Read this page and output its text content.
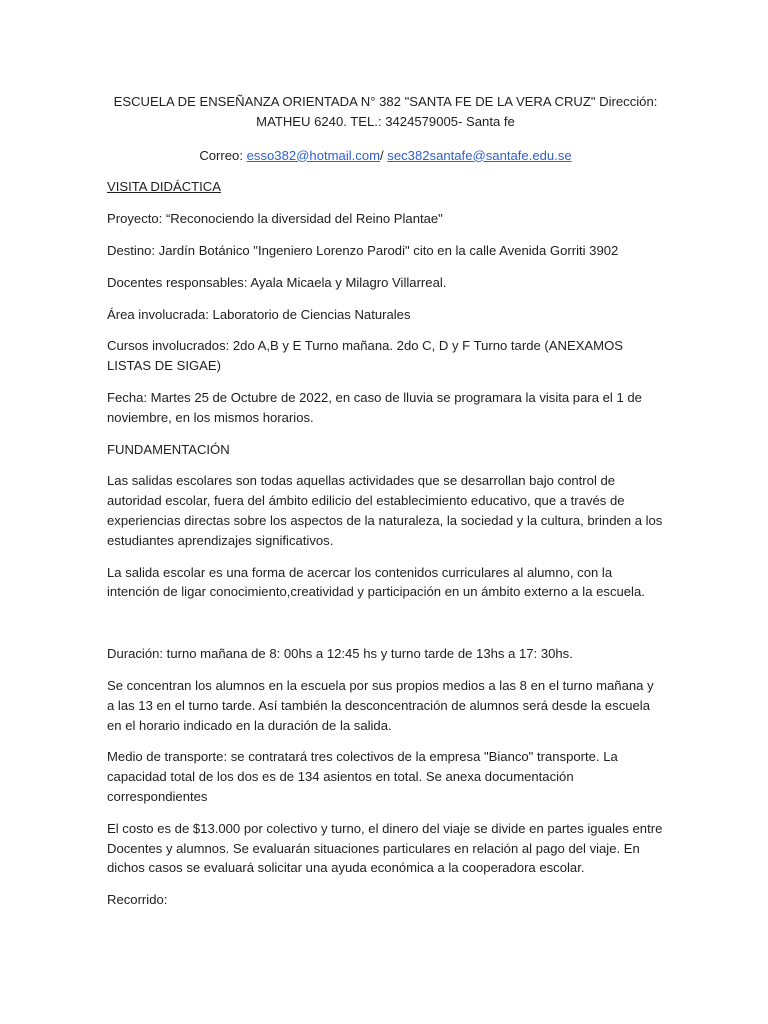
ESCUELA DE ENSEÑANZA ORIENTADA N° 382 "SANTA FE DE LA VERA CRUZ" Dirección: MATHEU 6240. TEL.: 3424579005- Santa fe

Correo: esso382@hotmail.com/ sec382santafe@santafe.edu.se

VISITA DIDÁCTICA

Proyecto: “Reconociendo la diversidad del Reino Plantae"

Destino: Jardín Botánico "Ingeniero Lorenzo Parodi" cito en la calle Avenida Gorriti 3902

Docentes responsables: Ayala Micaela y Milagro Villarreal.

Área involucrada: Laboratorio de Ciencias Naturales

Cursos involucrados: 2do A,B y E Turno mañana. 2do C, D y F Turno tarde (ANEXAMOS LISTAS DE SIGAE)

Fecha: Martes 25 de Octubre de 2022, en caso de lluvia se programara la visita para el 1 de noviembre, en los mismos horarios.

FUNDAMENTACIÓN

Las salidas escolares son todas aquellas actividades que se desarrollan bajo control de autoridad escolar, fuera del ámbito edilicio del establecimiento educativo, que a través de experiencias directas sobre los aspectos de la naturaleza, la sociedad y la cultura, brinden a los estudiantes aprendizajes significativos.

La salida escolar es una forma de acercar los contenidos curriculares al alumno, con la intención de ligar conocimiento,creatividad y participación en un ámbito externo a la escuela.

Duración: turno mañana de 8: 00hs a 12:45 hs y turno tarde de 13hs a 17: 30hs.

Se concentran los alumnos en la escuela por sus propios medios a las 8 en el turno mañana y a las 13 en el turno tarde. Así también la desconcentración de alumnos será desde la escuela en el horario indicado en la duración de la salida.

Medio de transporte: se contratará tres colectivos de la empresa "Bianco" transporte. La capacidad total de los dos es de 134 asientos en total. Se anexa documentación correspondientes

El costo es de $13.000 por colectivo y turno, el dinero del viaje se divide en partes iguales entre Docentes y alumnos. Se evaluarán situaciones particulares en relación al pago del viaje. En dichos casos se evaluará solicitar una ayuda económica a la cooperadora escolar.

Recorrido:
